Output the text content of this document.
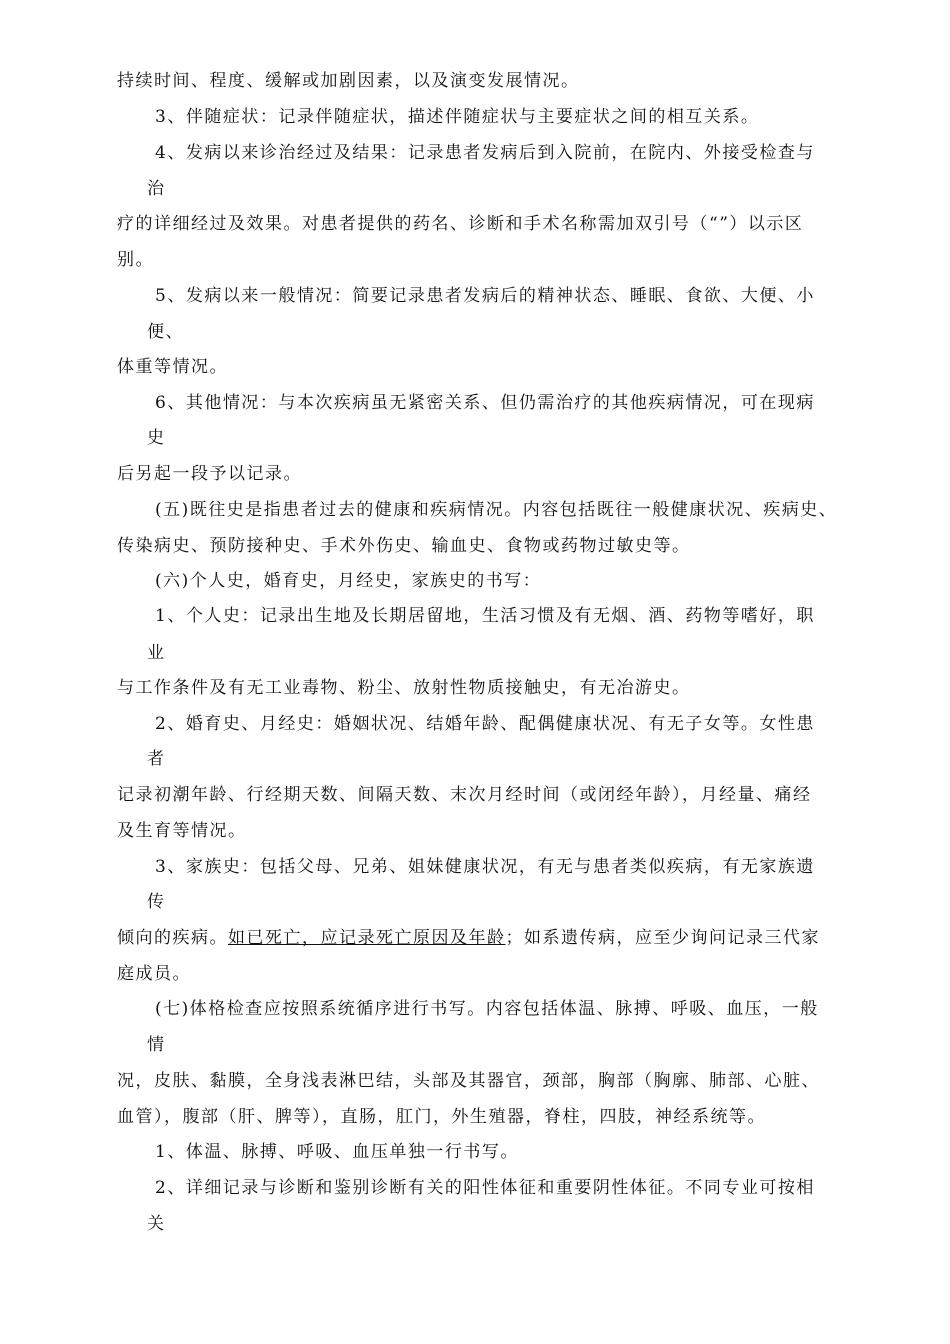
持续时间、程度、缓解或加剧因素，以及演变发展情况。
3、伴随症状：记录伴随症状，描述伴随症状与主要症状之间的相互关系。
4、发病以来诊治经过及结果：记录患者发病后到入院前，在院内、外接受检查与
治
疗的详细经过及效果。对患者提供的药名、诊断和手术名称需加双引号（“”）以示区
别。
5、发病以来一般情况：简要记录患者发病后的精神状态、睡眠、食欲、大便、小
便、
体重等情况。
6、其他情况：与本次疾病虽无紧密关系、但仍需治疗的其他疾病情况，可在现病
史
后另起一段予以记录。
(五)既往史是指患者过去的健康和疾病情况。内容包括既往一般健康状况、疾病史、
传染病史、预防接种史、手术外伤史、输血史、食物或药物过敏史等。
(六)个人史，婚育史，月经史，家族史的书写：
1、个人史：记录出生地及长期居留地，生活习惯及有无烟、酒、药物等嗜好，职
业
与工作条件及有无工业毒物、粉尘、放射性物质接触史，有无冶游史。
2、婚育史、月经史：婚姻状况、结婚年龄、配偶健康状况、有无子女等。女性患
者
记录初潮年龄、行经期天数、间隔天数、末次月经时间（或闭经年龄），月经量、痛经
及生育等情况。
3、家族史：包括父母、兄弟、姐妹健康状况，有无与患者类似疾病，有无家族遗
传
倾向的疾病。如已死亡，应记录死亡原因及年龄；如系遗传病，应至少询问记录三代家
庭成员。
(七)体格检查应按照系统循序进行书写。内容包括体温、脉搏、呼吸、血压，一般
情
况，皮肤、黏膜，全身浅表淋巴结，头部及其器官，颈部，胸部（胸廓、肺部、心脏、
血管），腹部（肝、脾等），直肠，肛门，外生殖器，脊柱，四肢，神经系统等。
1、体温、脉搏、呼吸、血压单独一行书写。
2、详细记录与诊断和鉴别诊断有关的阳性体征和重要阴性体征。不同专业可按相
关
